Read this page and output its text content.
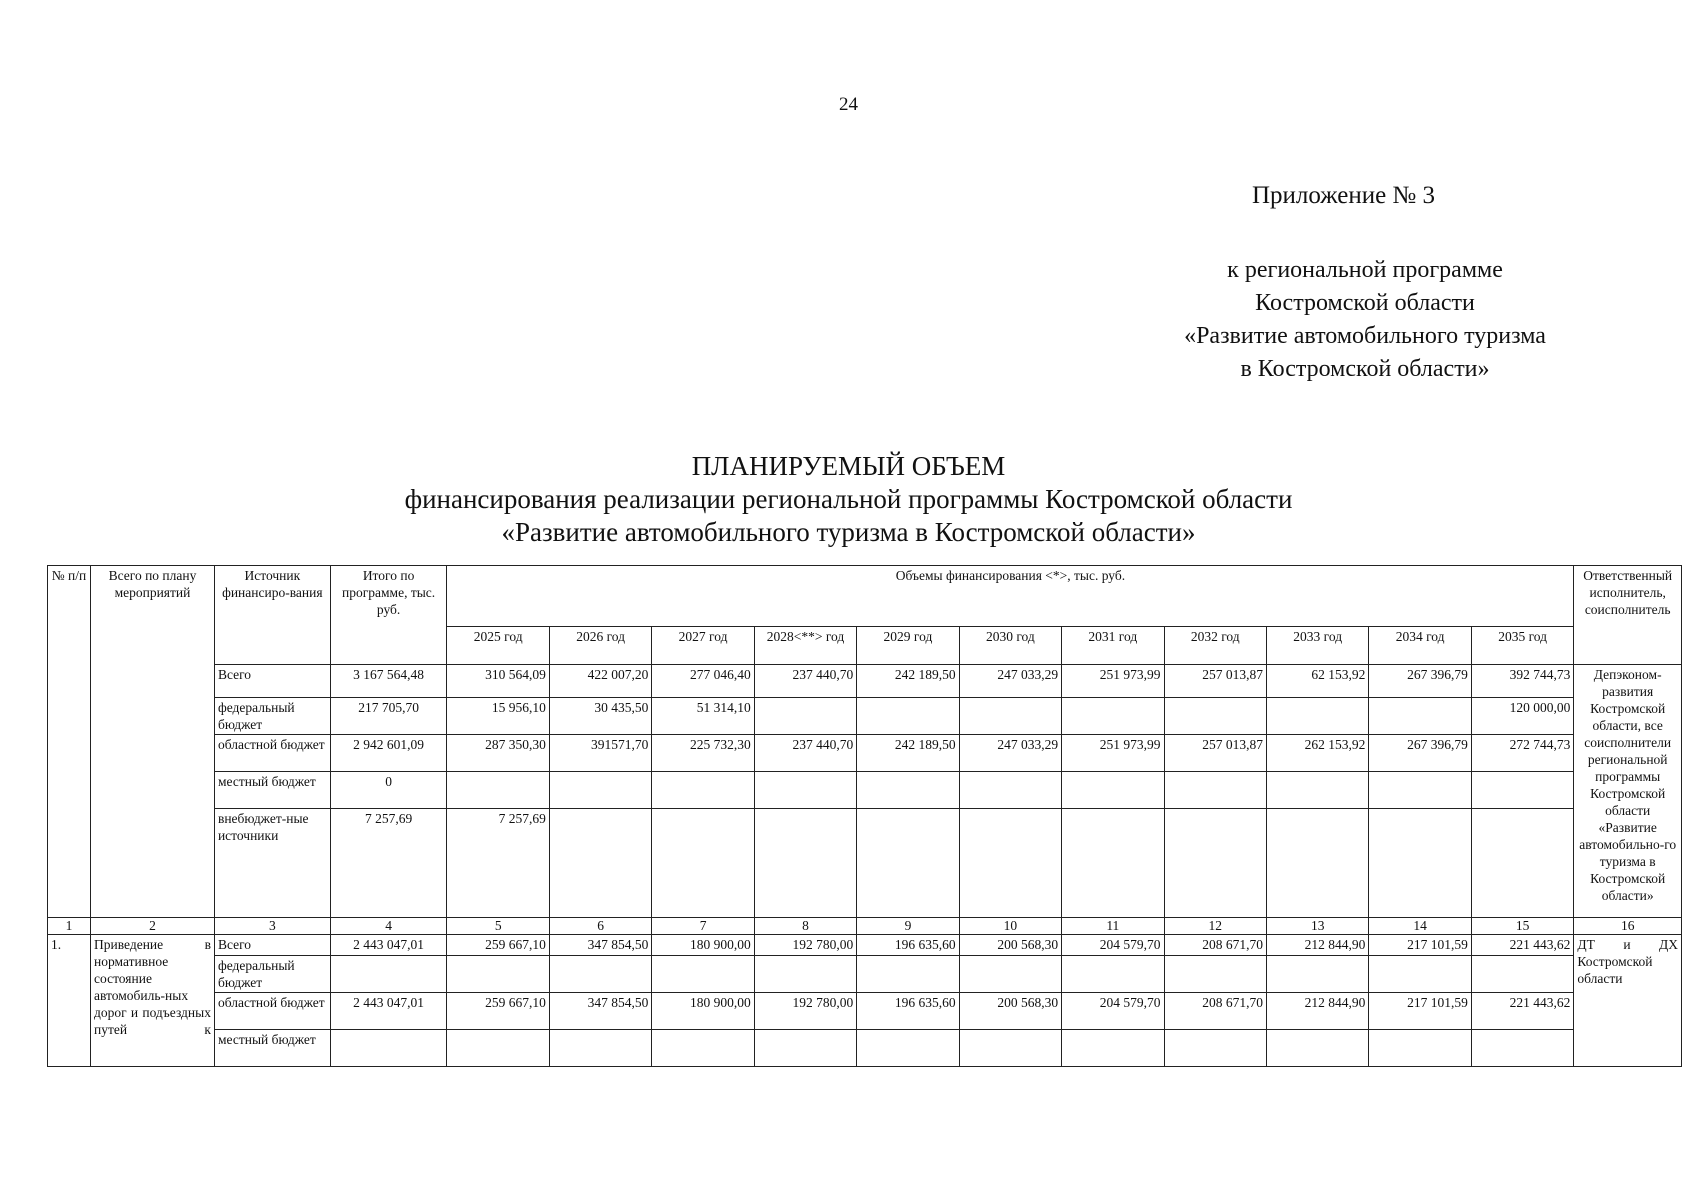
24
Приложение № 3
к региональной программе
Костромской области
«Развитие автомобильного туризма
в Костромской области»
ПЛАНИРУЕМЫЙ ОБЪЕМ
финансирования реализации региональной программы Костромской области
«Развитие автомобильного туризма в Костромской области»
№ п/п	Всего по плану мероприятий	Источник финансиро-вания	Итого по программе, тыс. руб.	Объемы финансирования <*>, тыс. руб.											Ответственный исполнитель, соисполнитель
				2025 год	2026 год	2027 год	2028<**> год	2029 год	2030 год	2031 год	2032 год	2033 год	2034 год	2035 год	
		Всего	3 167 564,48	310 564,09	422 007,20	277 046,40	237 440,70	242 189,50	247 033,29	251 973,99	257 013,87	62 153,92	267 396,79	392 744,73	Депэконом-развития Костромской области, все соисполнители региональной программы Костромской области «Развитие автомобильно-го туризма в Костромской области»
		федеральный бюджет	217 705,70	15 956,10	30 435,50	51 314,10								120 000,00	
		областной бюджет	2 942 601,09	287 350,30	391571,70	225 732,30	237 440,70	242 189,50	247 033,29	251 973,99	257 013,87	262 153,92	267 396,79	272 744,73	
		местный бюджет	0												
		внебюджет-ные источники	7 257,69	7 257,69											
1	2	3	4	5	6	7	8	9	10	11	12	13	14	15	16
1.	Приведение в нормативное состояние автомобиль-ных дорог и подъездных путей к	Всего	2 443 047,01	259 667,10	347 854,50	180 900,00	192 780,00	196 635,60	200 568,30	204 579,70	208 671,70	212 844,90	217 101,59	221 443,62	ДТ и ДХ Костромской области
		федеральный бюджет													
		областной бюджет	2 443 047,01	259 667,10	347 854,50	180 900,00	192 780,00	196 635,60	200 568,30	204 579,70	208 671,70	212 844,90	217 101,59	221 443,62	
		местный бюджет													
